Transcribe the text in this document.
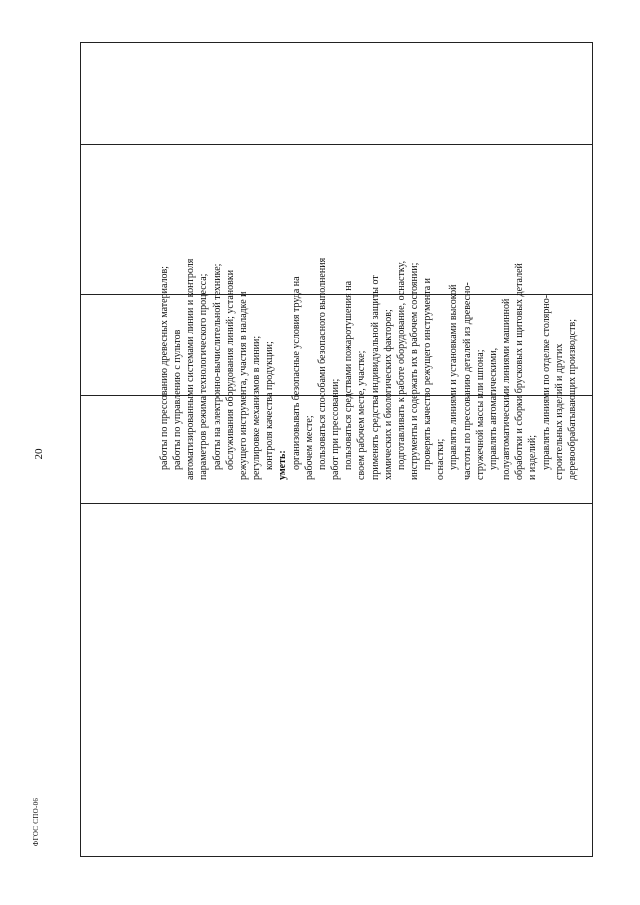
20
ФГОС СПО-06

работы по прессованию древесных материалов; работы по управлению с пультов автоматизированными системами линии и контроля параметров режима технологического процесса; работы на электронно-вычислительной технике; обслуживания оборудования линий; установки режущего инструмента, участия в наладке и регулировке механизмов в линии; контроля качества продукции; уметь: организовывать безопасные условия труда на рабочем месте; пользоваться способами безопасного выполнения работ при прессовании; пользоваться средствами пожаротушения на своем рабочем месте, участке; применять средства индивидуальной защиты от химических и биологических факторов; подготавливать к работе оборудование, оснастку, инструменты и содержать их в рабочем состоянии; проверять качество режущего инструмента и оснастки; управлять линиями и установками высокой частоты по прессованию деталей из древесно- стружечной массы или шпона; управлять автоматическими, полуавтоматическими линиями машинной обработки и сборки брусковых и щитовых деталей и изделий; управлять линиями по отделке столярно- строительных изделий и других деревообрабатывающих производств;
